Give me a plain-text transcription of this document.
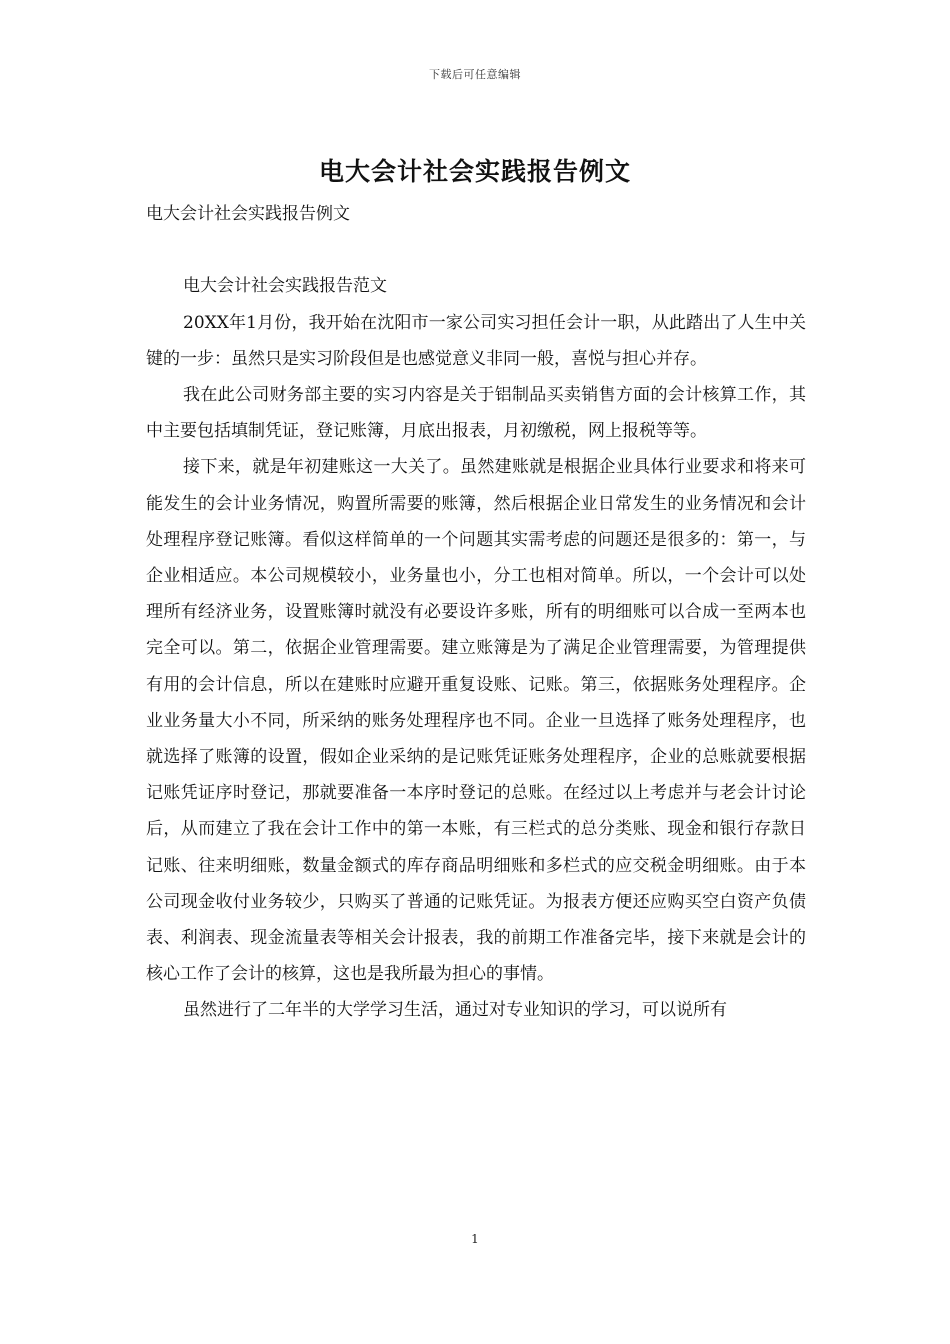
下载后可任意编辑
电大会计社会实践报告例文

电大会计社会实践报告例文

电大会计社会实践报告范文

20XX年1月份，我开始在沈阳市一家公司实习担任会计一职，从此踏出了人生中关键的一步：虽然只是实习阶段但是也感觉意义非同一般，喜悦与担心并存。

我在此公司财务部主要的实习内容是关于铝制品买卖销售方面的会计核算工作，其中主要包括填制凭证，登记账簿，月底出报表，月初缴税，网上报税等等。

接下来，就是年初建账这一大关了。虽然建账就是根据企业具体行业要求和将来可能发生的会计业务情况，购置所需要的账簿，然后根据企业日常发生的业务情况和会计处理程序登记账簿。看似这样简单的一个问题其实需考虑的问题还是很多的：第一，与企业相适应。本公司规模较小，业务量也小，分工也相对简单。所以，一个会计可以处理所有经济业务，设置账簿时就没有必要设许多账，所有的明细账可以合成一至两本也完全可以。第二，依据企业管理需要。建立账簿是为了满足企业管理需要，为管理提供有用的会计信息，所以在建账时应避开重复设账、记账。第三，依据账务处理程序。企业业务量大小不同，所采纳的账务处理程序也不同。企业一旦选择了账务处理程序，也就选择了账簿的设置，假如企业采纳的是记账凭证账务处理程序，企业的总账就要根据记账凭证序时登记，那就要准备一本序时登记的总账。在经过以上考虑并与老会计讨论后，从而建立了我在会计工作中的第一本账，有三栏式的总分类账、现金和银行存款日记账、往来明细账，数量金额式的库存商品明细账和多栏式的应交税金明细账。由于本公司现金收付业务较少，只购买了普通的记账凭证。为报表方便还应购买空白资产负债表、利润表、现金流量表等相关会计报表，我的前期工作准备完毕，接下来就是会计的核心工作了会计的核算，这也是我所最为担心的事情。

虽然进行了二年半的大学学习生活，通过对专业知识的学习，可以说所有

1
